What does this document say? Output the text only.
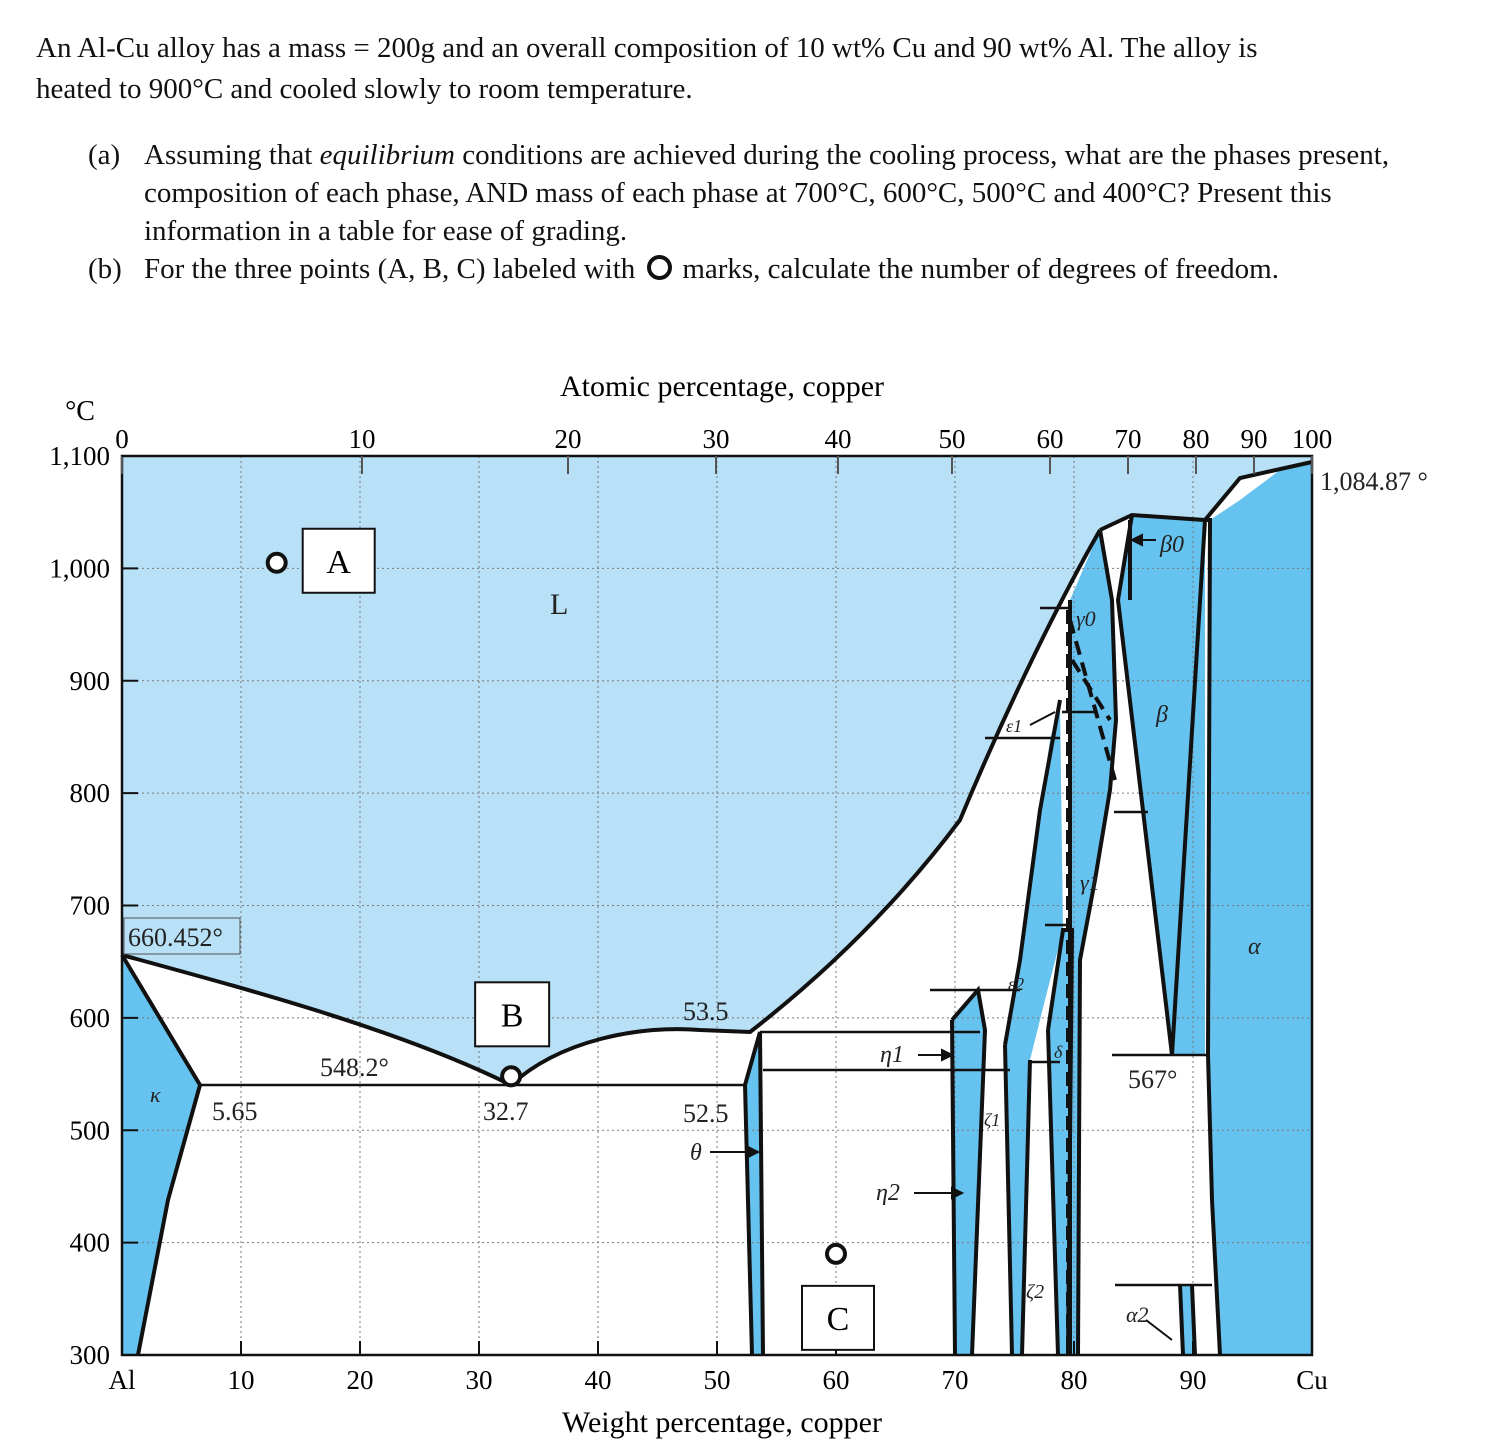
An Al-Cu alloy has a mass = 200g and an overall composition of 10 wt% Cu and 90 wt% Al. The alloy is

heated to 900°C and cooled slowly to room temperature.

(a) Assuming that equilibrium conditions are achieved during the cooling process, what are the phases present, composition of each phase, AND mass of each phase at 700°C, 600°C, 500°C and 400°C? Present this information in a table for ease of grading.
(b) For the three points (A, B, C) labeled with marks, calculate the number of degrees of freedom.
Atomic percentage, copper
Weight percentage, copper
°C
Al	10	20	30	40	50	60	70	80	90	Cu
0	10	20	30	40	50	60 70 80 90 100
1,100
1,000
900
800
700
600
500
400
300
1,084.87 °
660.452°
548.2°
5.65	32.7	52.5
53.5
567°
L
κ
θ
η1
η2
ε1
ε2
ζ1
ζ2
δ
γ0
γ1
β
β0
α
α2
A
B
C
